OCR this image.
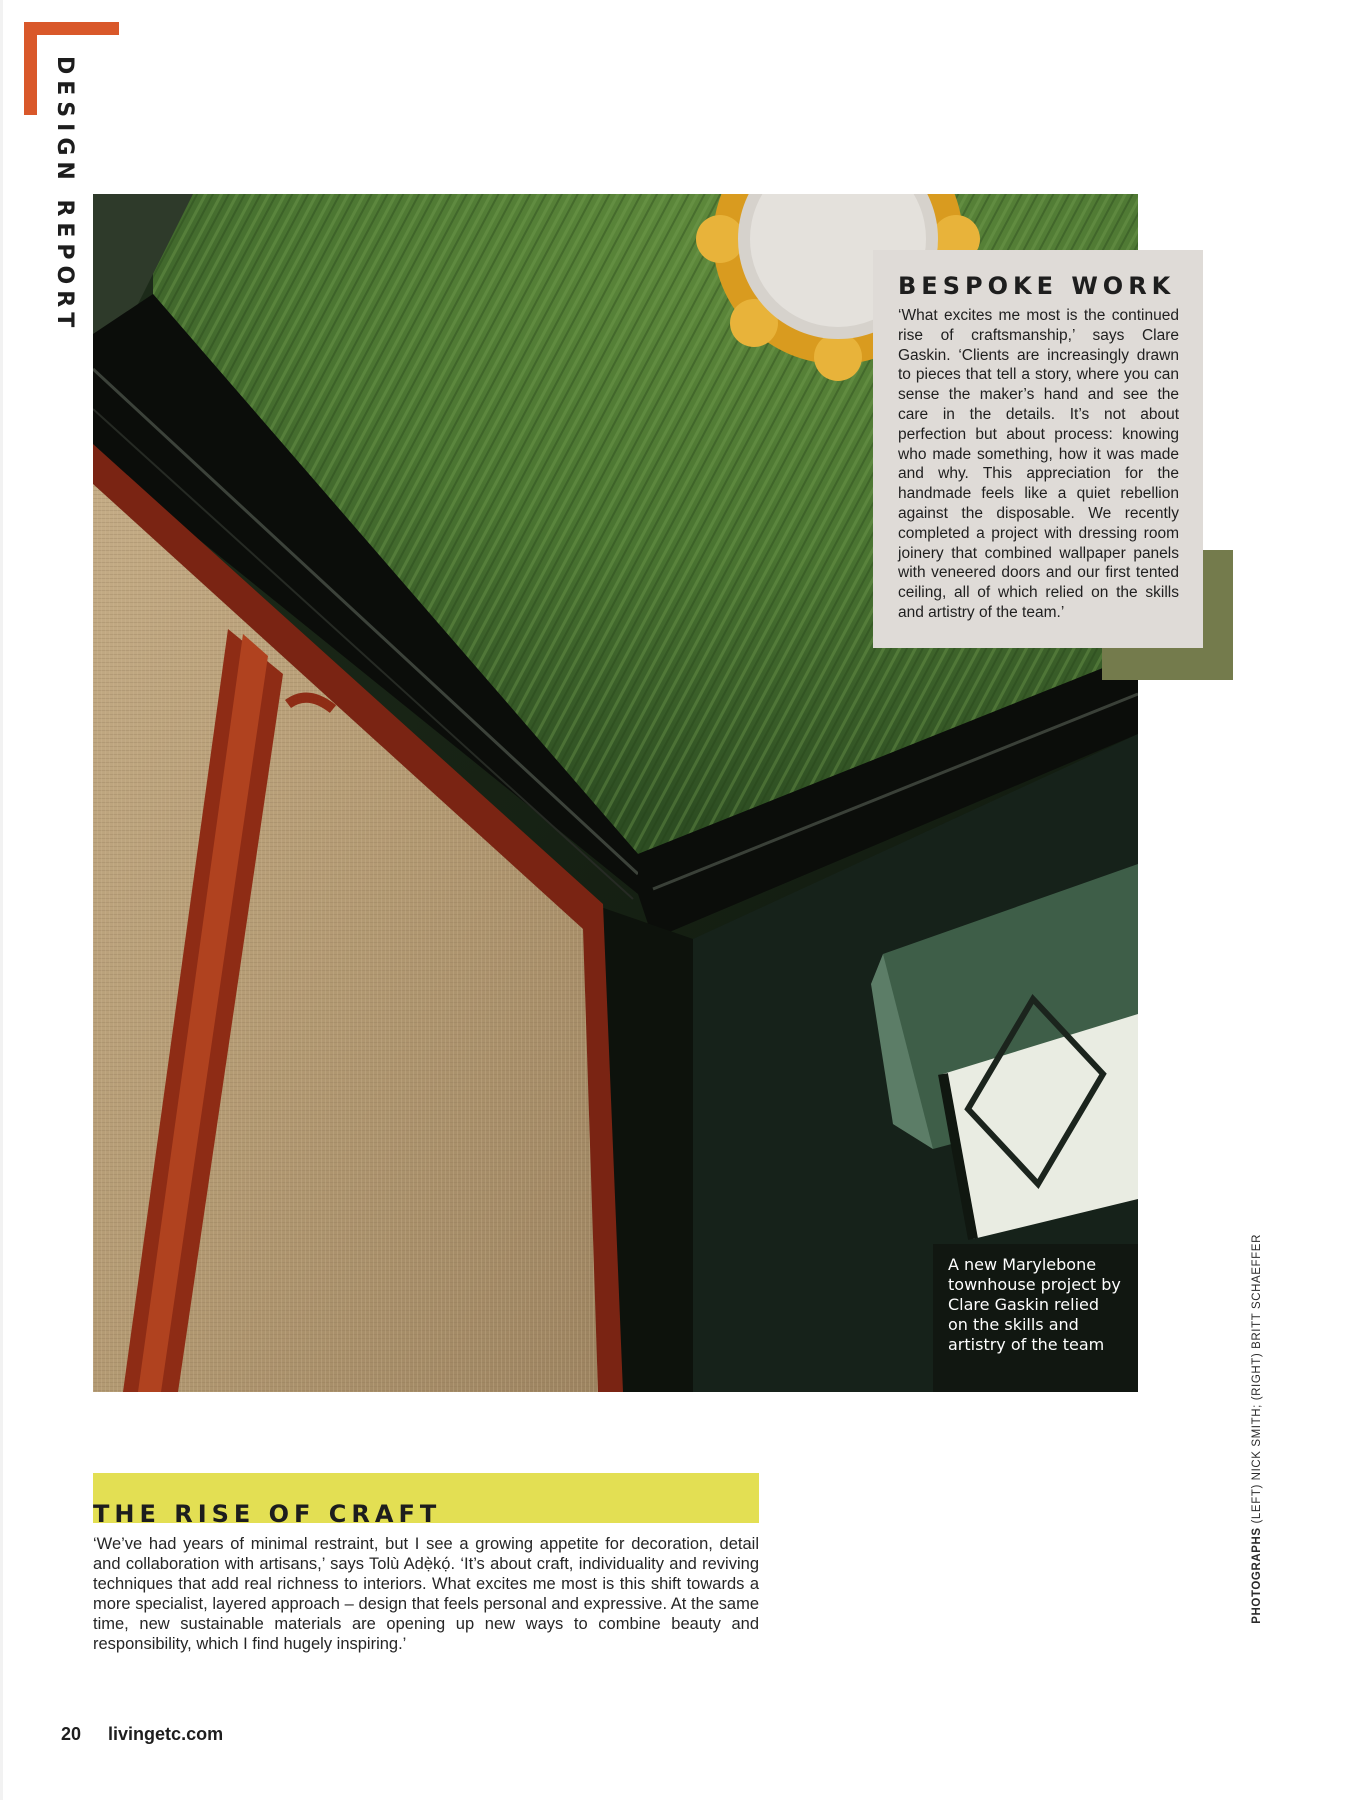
DESIGN REPORT	BESPOKE WORK

‘What excites me most is the continued rise of craftsmanship,’ says Clare Gaskin. ‘Clients are increasingly drawn to pieces that tell a story, where you can sense the maker’s hand and see the care in the details. It’s not about perfection but about process: knowing who made something, how it was made and why. This appreciation for the handmade feels like a quiet rebellion against the disposable. We recently completed a project with dressing room joinery that combined wallpaper panels with veneered doors and our first tented ceiling, all of which relied on the skills and artistry of the team.’

A new Marylebone townhouse project by Clare Gaskin relied on the skills and artistry of the team

PHOTOGRAPHS (LEFT) NICK SMITH; (RIGHT) BRITT SCHAEFFER
THE RISE OF CRAFT

‘We’ve had years of minimal restraint, but I see a growing appetite for decoration, detail and collaboration with artisans,’ says Tolù Adẹ̀kọ́. ‘It’s about craft, individuality and reviving techniques that add real richness to interiors. What excites me most is this shift towards a more specialist, layered approach – design that feels personal and expressive. At the same time, new sustainable materials are opening up new ways to combine beauty and responsibility, which I find hugely inspiring.’

20 livingetc.com
